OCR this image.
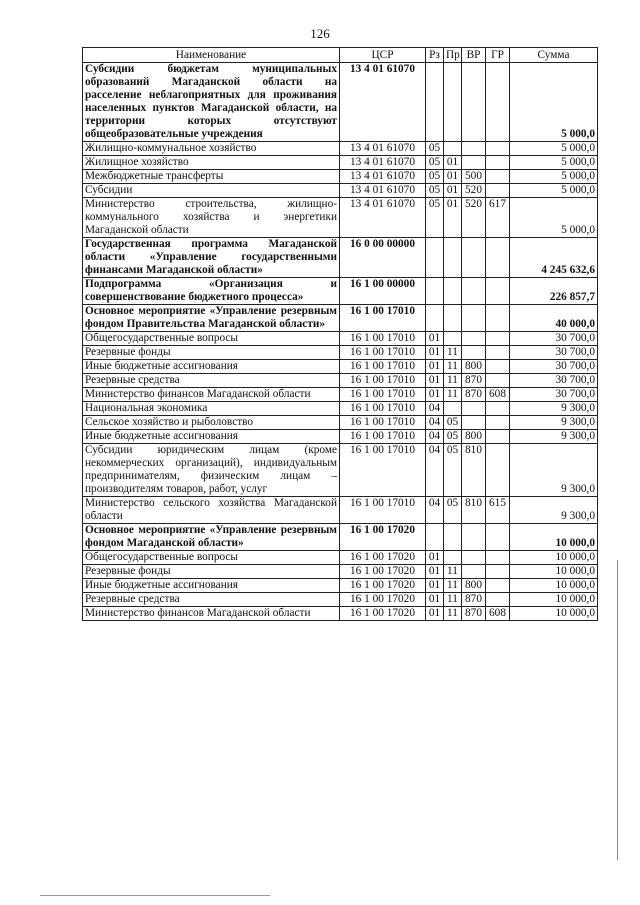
126
Наименование	ЦСР	Рз	Пр	ВР	ГР	Сумма
Субсидии бюджетам муниципальных образований Магаданской области на расселение неблагоприятных для проживания населенных пунктов Магаданской области, на территории которых отсутствуют общеобразовательные учреждения	13 4 01 61070					5 000,0
Жилищно-коммунальное хозяйство	13 4 01 61070	05				5 000,0
Жилищное хозяйство	13 4 01 61070	05	01			5 000,0
Межбюджетные трансферты	13 4 01 61070	05	01	500		5 000,0
Субсидии	13 4 01 61070	05	01	520		5 000,0
Министерство строительства, жилищно-коммунального хозяйства и энергетики Магаданской области	13 4 01 61070	05	01	520	617	5 000,0
Государственная программа Магаданской области «Управление государственными финансами Магаданской области»	16 0 00 00000					4 245 632,6
Подпрограмма «Организация и совершенствование бюджетного процесса»	16 1 00 00000					226 857,7
Основное мероприятие «Управление резервным фондом Правительства Магаданской области»	16 1 00 17010					40 000,0
Общегосударственные вопросы	16 1 00 17010	01				30 700,0
Резервные фонды	16 1 00 17010	01	11			30 700,0
Иные бюджетные ассигнования	16 1 00 17010	01	11	800		30 700,0
Резервные средства	16 1 00 17010	01	11	870		30 700,0
Министерство финансов Магаданской области	16 1 00 17010	01	11	870	608	30 700,0
Национальная экономика	16 1 00 17010	04				9 300,0
Сельское хозяйство и рыболовство	16 1 00 17010	04	05			9 300,0
Иные бюджетные ассигнования	16 1 00 17010	04	05	800		9 300,0
Субсидии юридическим лицам (кроме некоммерческих организаций), индивидуальным предпринимателям, физическим лицам – производителям товаров, работ, услуг	16 1 00 17010	04	05	810		9 300,0
Министерство сельского хозяйства Магаданской области	16 1 00 17010	04	05	810	615	9 300,0
Основное мероприятие «Управление резервным фондом Магаданской области»	16 1 00 17020					10 000,0
Общегосударственные вопросы	16 1 00 17020	01				10 000,0
Резервные фонды	16 1 00 17020	01	11			10 000,0
Иные бюджетные ассигнования	16 1 00 17020	01	11	800		10 000,0
Резервные средства	16 1 00 17020	01	11	870		10 000,0
Министерство финансов Магаданской области	16 1 00 17020	01	11	870	608	10 000,0
